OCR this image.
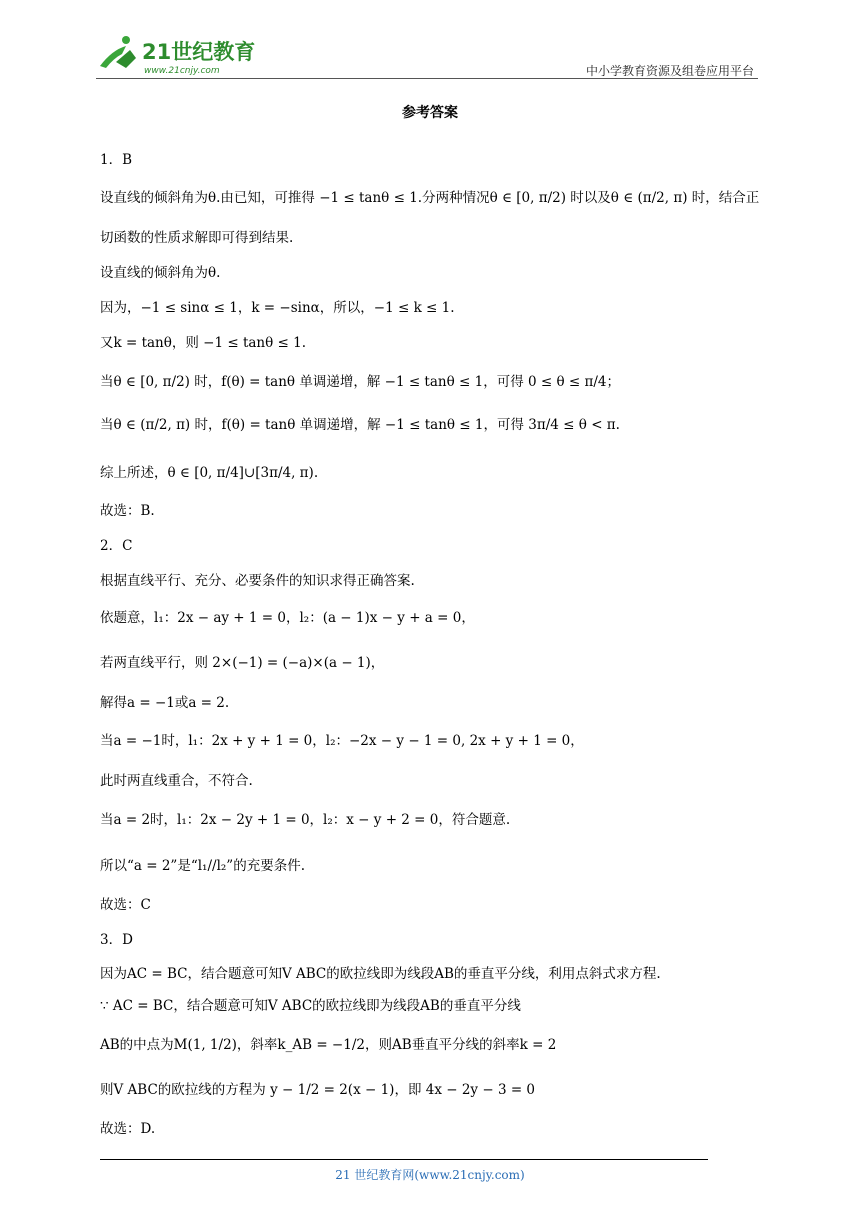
21世纪教育
www.21cnjy.com	中小学教育资源及组卷应用平台
参考答案
1．B
设直线的倾斜角为θ.由已知，可推得 −1 ≤ tanθ ≤ 1.分两种情况θ ∈ [0, π/2) 时以及θ ∈ (π/2, π) 时，结合正
切函数的性质求解即可得到结果.
设直线的倾斜角为θ.
因为，−1 ≤ sinα ≤ 1，k = −sinα，所以，−1 ≤ k ≤ 1.
又k = tanθ，则 −1 ≤ tanθ ≤ 1.
当θ ∈ [0, π/2) 时，f(θ) = tanθ 单调递增，解 −1 ≤ tanθ ≤ 1，可得 0 ≤ θ ≤ π/4；
当θ ∈ (π/2, π) 时，f(θ) = tanθ 单调递增，解 −1 ≤ tanθ ≤ 1，可得 3π/4 ≤ θ < π.
综上所述，θ ∈ [0, π/4]∪[3π/4, π).
故选：B.
2．C
根据直线平行、充分、必要条件的知识求得正确答案.
依题意，l₁：2x − ay + 1 = 0，l₂：(a − 1)x − y + a = 0，
若两直线平行，则 2×(−1) = (−a)×(a − 1)，
解得a = −1或a = 2.
当a = −1时，l₁：2x + y + 1 = 0，l₂：−2x − y − 1 = 0, 2x + y + 1 = 0，
此时两直线重合，不符合.
当a = 2时，l₁：2x − 2y + 1 = 0，l₂：x − y + 2 = 0，符合题意.
所以“a = 2”是“l₁//l₂”的充要条件.
故选：C
3．D
因为AC = BC，结合题意可知V ABC的欧拉线即为线段AB的垂直平分线，利用点斜式求方程.
∵ AC = BC，结合题意可知V ABC的欧拉线即为线段AB的垂直平分线
AB的中点为M(1, 1/2)，斜率k_AB = −1/2，则AB垂直平分线的斜率k = 2
则V ABC的欧拉线的方程为 y − 1/2 = 2(x − 1)，即 4x − 2y − 3 = 0
故选：D.
21 世纪教育网(www.21cnjy.com)
